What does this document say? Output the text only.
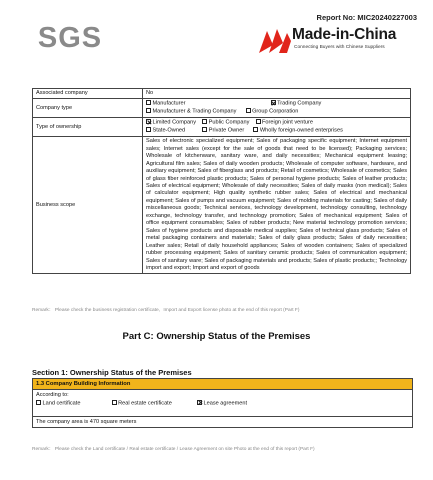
SGS
Report No: MIC20240227003
Made-in-China
Connecting Buyers with Chinese Suppliers
Associated company	No
Company type	Manufacturer Trading Company
Manufacturer & Trading Company Group Corporation

Type of ownership	Limited Company Public Company Foreign joint venture
State-Owned Private Owner Wholly foreign-owned enterprises

Business scope	Sales of electronic specialized equipment; Sales of packaging specific equipment; Internet equipment sales; Internet sales (except for the sale of goods that need to be licensed); Packaging services; Wholesale of kitchenware, sanitary ware, and daily necessities; Mechanical equipment leasing; Agricultural film sales; Sales of daily wooden products; Wholesale of computer software, hardware, and auxiliary equipment; Sales of fiberglass and products; Retail of cosmetics; Wholesale of cosmetics; Sales of glass fiber reinforced plastic products; Sales of personal hygiene products; Sales of leather products; Sales of electrical equipment; Wholesale of daily necessities; Sales of daily masks (non medical); Sales of calculator equipment; High quality synthetic rubber sales; Sales of electrical and mechanical equipment; Sales of pumps and vacuum equipment; Sales of molding materials for casting; Sales of daily miscellaneous goods; Technical services, technology development, technology consulting, technology exchange, technology transfer, and technology promotion; Sales of mechanical equipment; Sales of office equipment consumables; Sales of rubber products; New material technology promotion services; Sales of hygiene products and disposable medical supplies; Sales of technical glass products; Sales of metal packaging containers and materials; Sales of daily glass products; Sales of daily necessities; Leather sales; Retail of daily household appliances; Sales of wooden containers; Sales of specialized rubber processing equipment; Sales of sanitary ceramic products; Sales of communication equipment; Sales of sanitary ware; Sales of packaging materials and products; Sales of plastic products;; Technology import and export; Import and export of goods
Remark： Please check the business registration certificate、Import and Export license photo at the end of this report (Part F)
Part C: Ownership Status of the Premises
Section 1: Ownership Status of the Premises
1.3 Company Building Information
According to:
Land certificate	Real estate certificate	Lease agreement
The company area is 470 square meters
Remark： Please check the Land certificate / Real estate certificate / Lease Agreement on site Photo at the end of this report (Part F)
